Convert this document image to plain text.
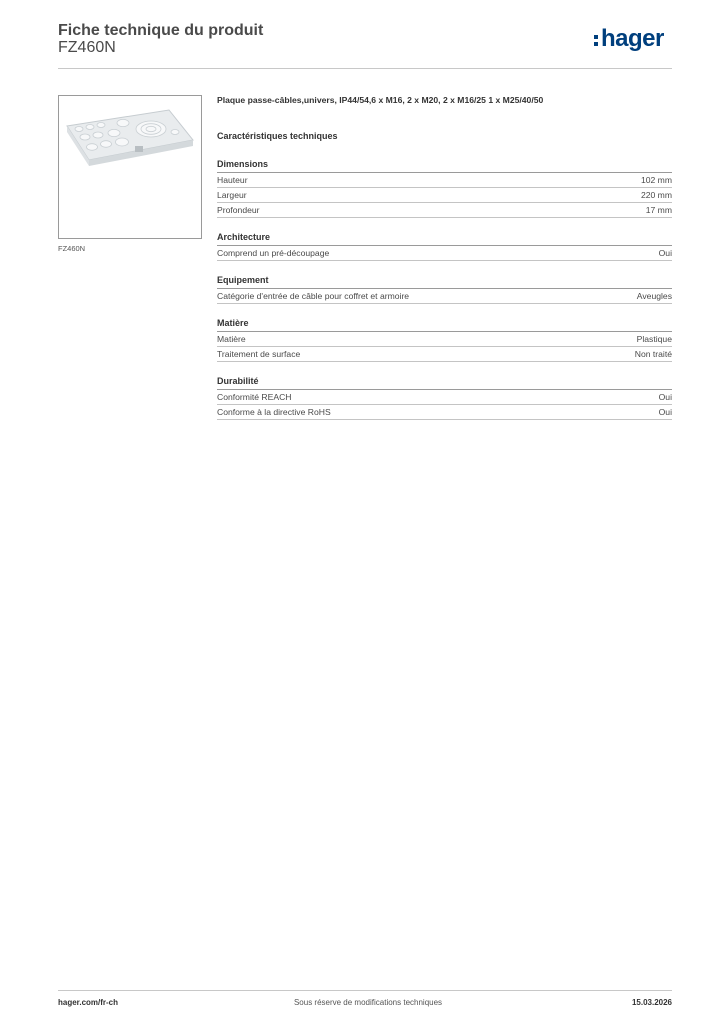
Fiche technique du produit
FZ460N	hager
FZ460N

Plaque passe-câbles,univers, IP44/54,6 x M16, 2 x M20, 2 x M16/25 1 x M25/40/50

Caractéristiques techniques
Dimensions
Hauteur	102 mm
Largeur	220 mm
Profondeur	17 mm
Architecture
Comprend un pré-découpage	Oui
Equipement
Catégorie d'entrée de câble pour coffret et armoire	Aveugles
Matière
Matière	Plastique
Traitement de surface	Non traité
Durabilité
Conformité REACH	Oui
Conforme à la directive RoHS	Oui
hager.com/fr-ch	Sous réserve de modifications techniques	15.03.2026
